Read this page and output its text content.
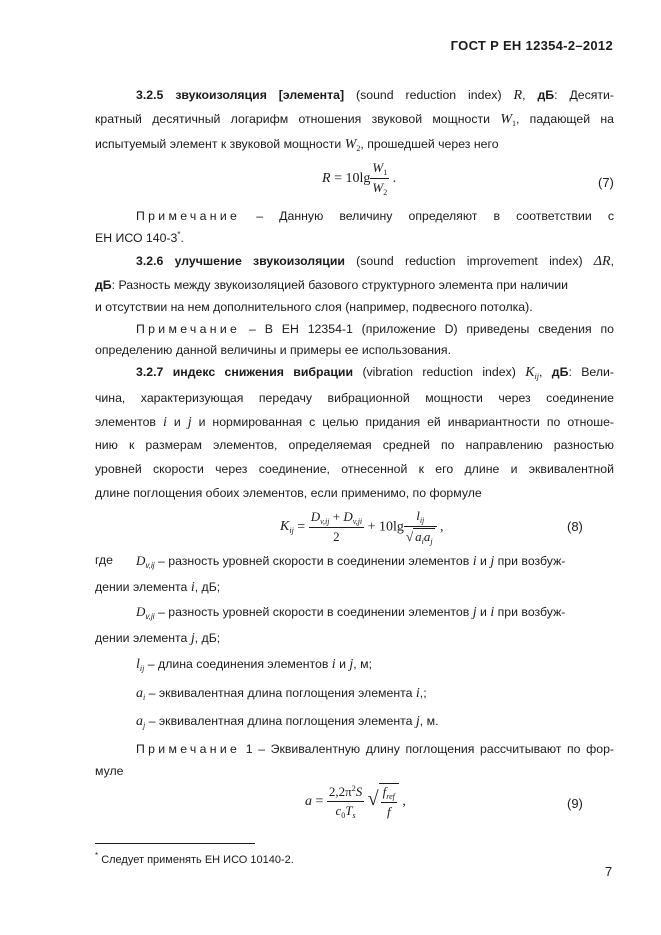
ГОСТ Р ЕН 12354-2–2012
3.2.5 звукоизоляция [элемента] (sound reduction index) R, дБ: Десяти-
кратный десятичный логарифм отношения звуковой мощности $W_1$, падающей на
испытуемый элемент к звуковой мощности $W_2$, прошедшей через него
$R = 10\lg \frac{W_1}{W_2}$ .	(7)
Примечание – Данную величину определяют в соответствии с
ЕН ИСО 140-3*.
3.2.6 улучшение звукоизоляции (sound reduction improvement index) ΔR,
дБ: Разность между звукоизоляцией базового структурного элемента при наличии
и отсутствии на нем дополнительного слоя (например, подвесного потолка).
Примечание – В ЕН 12354-1 (приложение D) приведены сведения по
определению данной величины и примеры ее использования.
3.2.7 индекс снижения вибрации (vibration reduction index) $K_{ij}$, дБ: Вели-
чина, характеризующая передачу вибрационной мощности через соединение
элементов i и j и нормированная с целью придания ей инвариантности по отноше-
нию к размерам элементов, определяемая средней по направлению разностью
уровней скорости через соединение, отнесенной к его длине и эквивалентной
длине поглощения обоих элементов, если применимо, по формуле
$K_{ij} = \frac{D_{v,ij} + D_{v,ji}}{2} + 10\lg \frac{l_{ij}}{√ a_ia_j}$ ,	(8)
где $D_{v,ij}$ – разность уровней скорости в соединении элементов i и j при возбуж-
дении элемента i, дБ;
$D_{v,ji}$ – разность уровней скорости в соединении элементов j и i при возбуж-
дении элемента j, дБ;
$l_{ij}$ – длина соединения элементов i и j, м;
$a_i$ – эквивалентная длина поглощения элемента i,;
$a_j$ – эквивалентная длина поглощения элемента j, м.
Примечание 1 – Эквивалентную длину поглощения рассчитывают по фор-
муле
$a = \frac{2,2\pi^2S}{c_0T_s}$ √ $\frac{f_{ref}}{f}$ ,	(9)
* Следует применять ЕН ИСО 10140-2.
7
